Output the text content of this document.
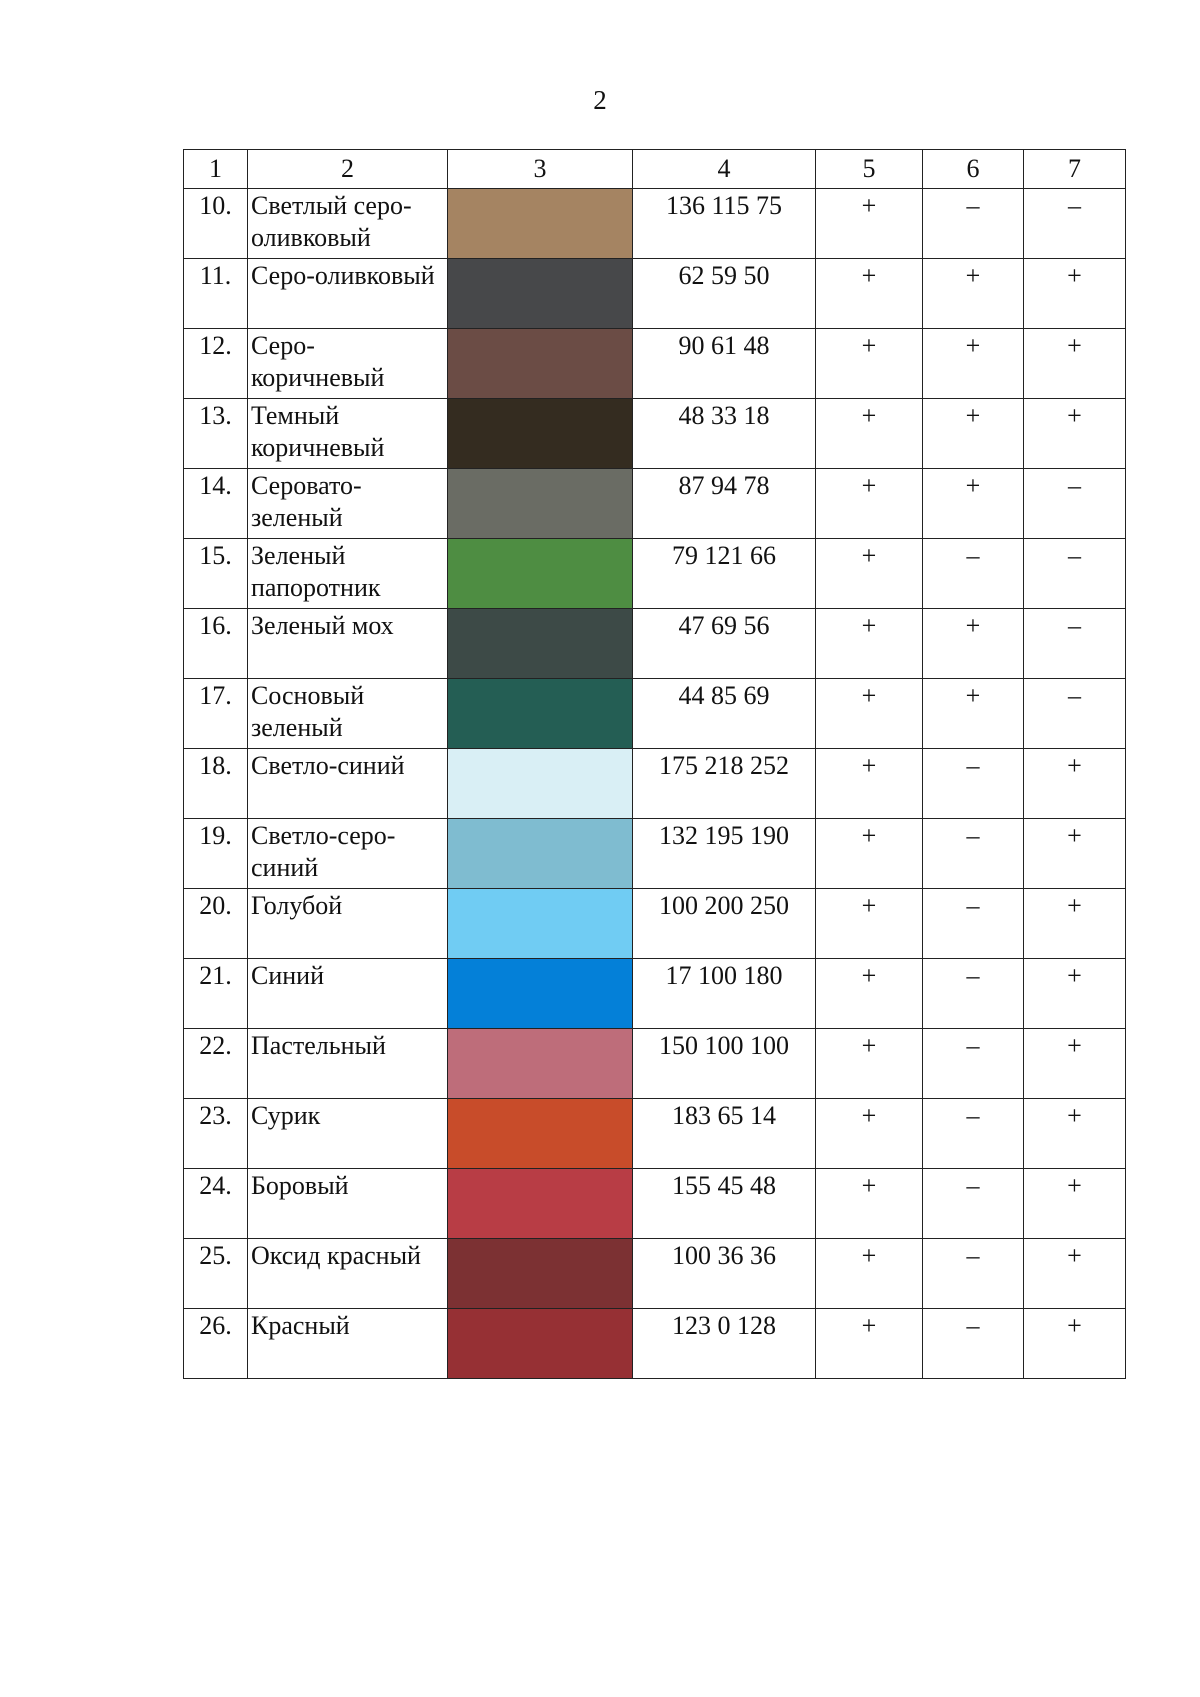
2
1	2	3	4	5	6	7
10.	Светлый серо-оливковый		136 115 75	+	–	–
11.	Серо-оливковый		62 59 50	+	+	+
12.	Серо-коричневый		90 61 48	+	+	+
13.	Темный коричневый		48 33 18	+	+	+
14.	Серовато-зеленый		87 94 78	+	+	–
15.	Зеленый папоротник		79 121 66	+	–	–
16.	Зеленый мох		47 69 56	+	+	–
17.	Сосновый зеленый		44 85 69	+	+	–
18.	Светло-синий		175 218 252	+	–	+
19.	Светло-серо-синий		132 195 190	+	–	+
20.	Голубой		100 200 250	+	–	+
21.	Синий		17 100 180	+	–	+
22.	Пастельный		150 100 100	+	–	+
23.	Сурик		183 65 14	+	–	+
24.	Боровый		155 45 48	+	–	+
25.	Оксид красный		100 36 36	+	–	+
26.	Красный		123 0 128	+	–	+
